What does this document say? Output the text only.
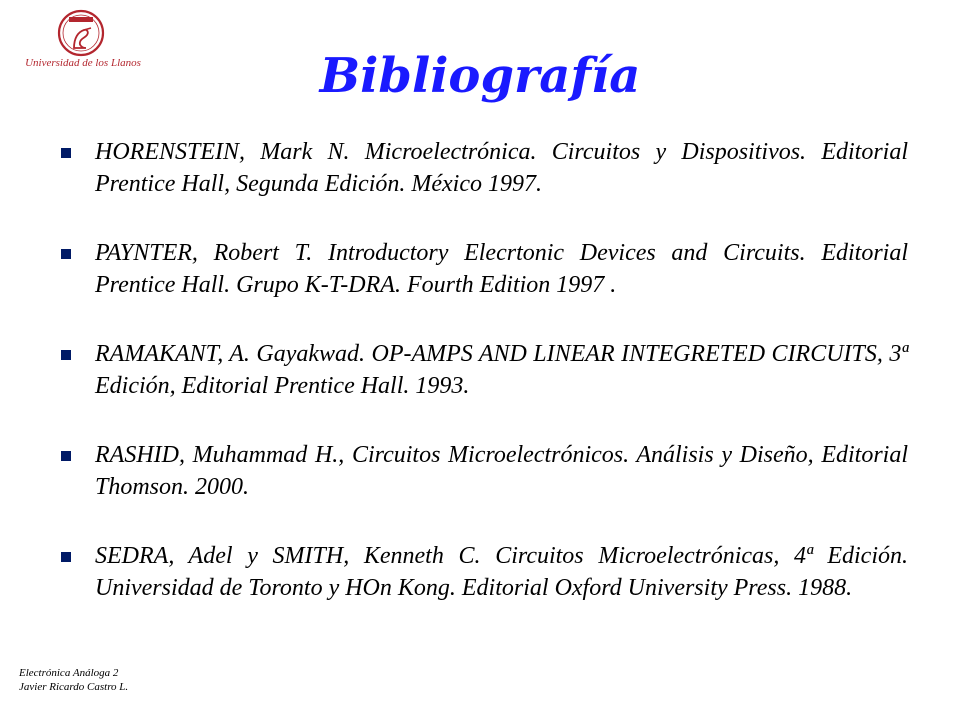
Universidad de los Llanos	Bibliografía
HORENSTEIN, Mark N. Microelectrónica. Circuitos y Dispositivos. Editorial Prentice Hall, Segunda Edición. México 1997.
PAYNTER, Robert T. Introductory Elecrtonic Devices and Circuits. Editorial Prentice Hall. Grupo K-T-DRA. Fourth Edition 1997 .
RAMAKANT, A. Gayakwad. OP-AMPS AND LINEAR INTEGRETED CIRCUITS, 3ª Edición, Editorial Prentice Hall. 1993.
RASHID, Muhammad H., Circuitos Microelectrónicos. Análisis y Diseño, Editorial Thomson. 2000.
SEDRA, Adel y SMITH, Kenneth C. Circuitos Microelectrónicas, 4ª Edición. Universidad de Toronto y HOn Kong. Editorial Oxford University Press. 1988.
Electrónica Análoga 2
Javier Ricardo Castro L.
